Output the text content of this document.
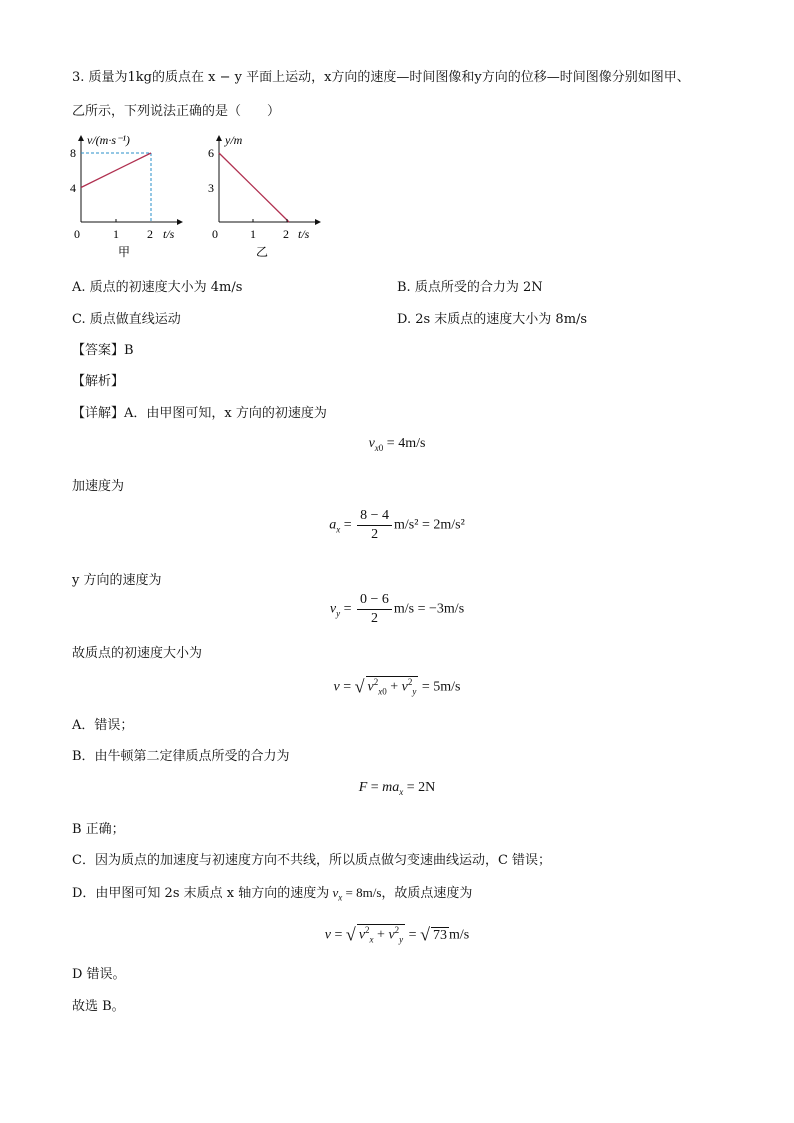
3. 质量为1kg的质点在 x − y 平面上运动，x方向的速度—时间图像和y方向的位移—时间图像分别如图甲、
乙所示，下列说法正确的是（　　）
v/(m·s⁻¹)
8
4
0	1 2 t/s
甲
y/m
6
3
0	1 2 t/s
乙
A. 质点的初速度大小为 4m/s	B. 质点所受的合力为 2N
C. 质点做直线运动	D. 2s 末质点的速度大小为 8m/s
【答案】B
【解析】
【详解】A．由甲图可知，x 方向的初速度为
$v_{x0} = 4m/s$
加速度为
$a_x = \frac{8 - 4}{2} m/s^2 = 2m/s^2$
y 方向的速度为
$v_y = \frac{0 - 6}{2} m/s = -3m/s$
故质点的初速度大小为
v = √ $v^2_{x0} + v^2_y = 5m/s$
A．错误；
B．由牛顿第二定律质点所受的合力为
$F = ma_x = 2N$
B 正确；
C．因为质点的加速度与初速度方向不共线，所以质点做匀变速曲线运动，C 错误；
D．由甲图可知 2s 末质点 x 轴方向的速度为 $v_x = 8m/s$，故质点速度为
v = √ $v^2_x + v^2_y$ = √ 73 m/s
D 错误。
故选 B。
